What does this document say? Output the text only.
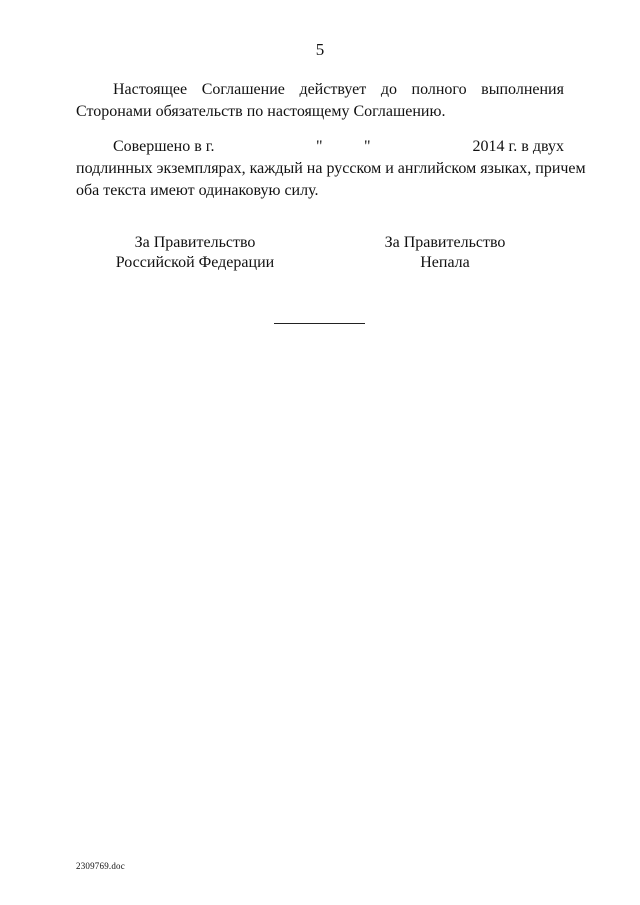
5
Настоящее Соглашение действует до полного выполнения
Сторонами обязательств по настоящему Соглашению.
Совершено в г.	"	"	2014 г. в двух
подлинных экземплярах, каждый на русском и английском языках, причем
оба текста имеют одинаковую силу.
За Правительство
Российской Федерации
За Правительство
Непала
2309769.doc
